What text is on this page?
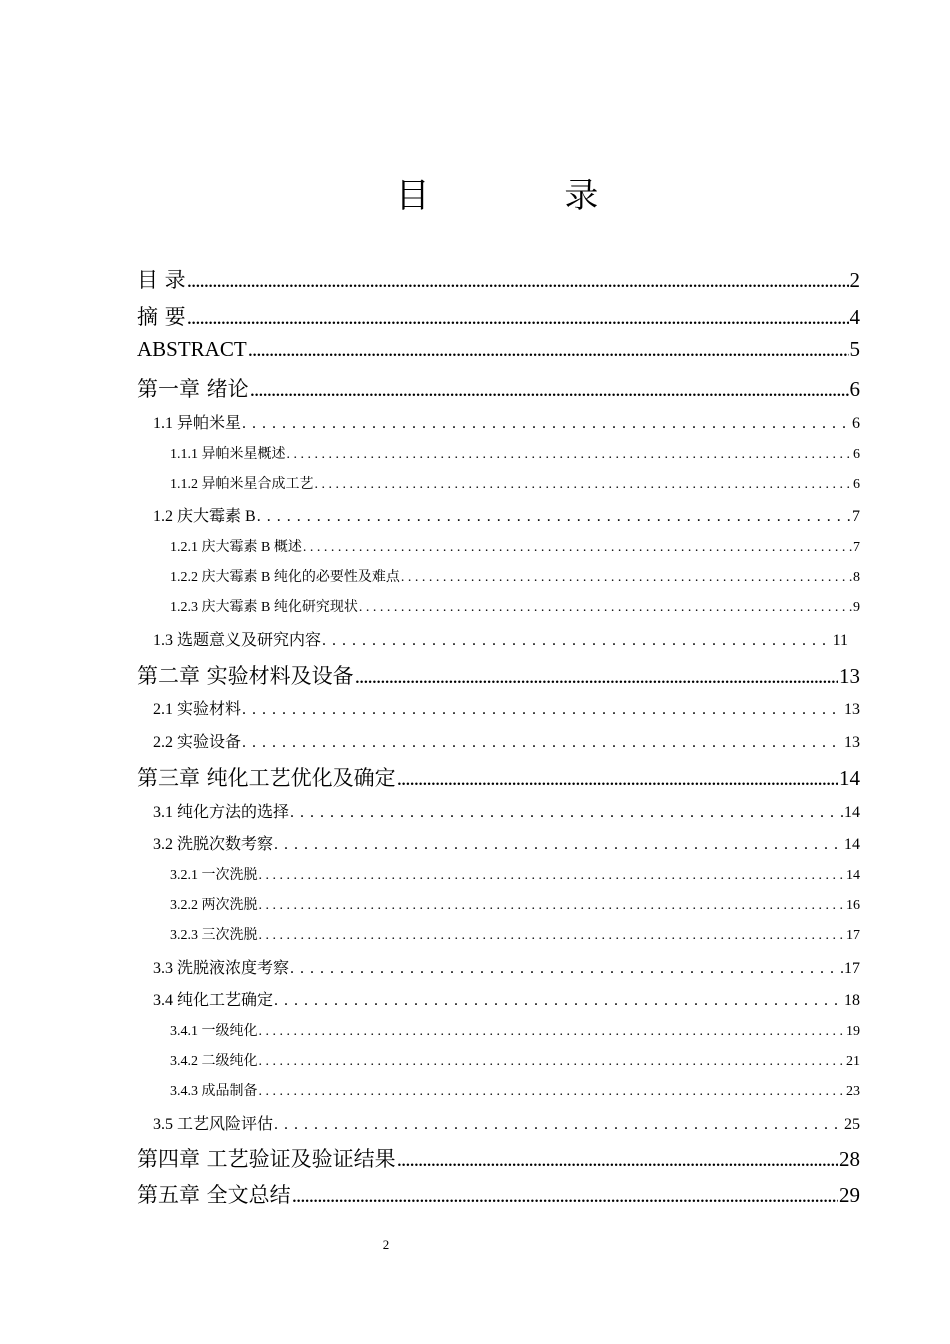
目 录
目 录 .....	2
摘 要 .....	4
ABSTRACT .....	5
第一章 绪论 .....	6
1.1 异帕米星 . . .	6
1.1.1 异帕米星概述 . . .	6
1.1.2 异帕米星合成工艺 . . .	6
1.2 庆大霉素 B . . .	7
1.2.1 庆大霉素 B 概述 . . .	7
1.2.2 庆大霉素 B 纯化的必要性及难点 . . .	8
1.2.3 庆大霉素 B 纯化研究现状 . . .	9
1.3 选题意义及研究内容 . . .	11
第二章 实验材料及设备 .....	13
2.1 实验材料 . . .	13
2.2 实验设备 . . .	13
第三章 纯化工艺优化及确定 .....	14
3.1 纯化方法的选择 . . .	14
3.2 洗脱次数考察 . . .	14
3.2.1 一次洗脱 . . .	14
3.2.2 两次洗脱 . . .	16
3.2.3 三次洗脱 . . .	17
3.3 洗脱液浓度考察 . . .	17
3.4 纯化工艺确定 . . .	18
3.4.1 一级纯化 . . .	19
3.4.2 二级纯化 . . .	21
3.4.3 成品制备 . . .	23
3.5 工艺风险评估 . . .	25
第四章 工艺验证及验证结果 .....	28
第五章 全文总结 .....	29
2
